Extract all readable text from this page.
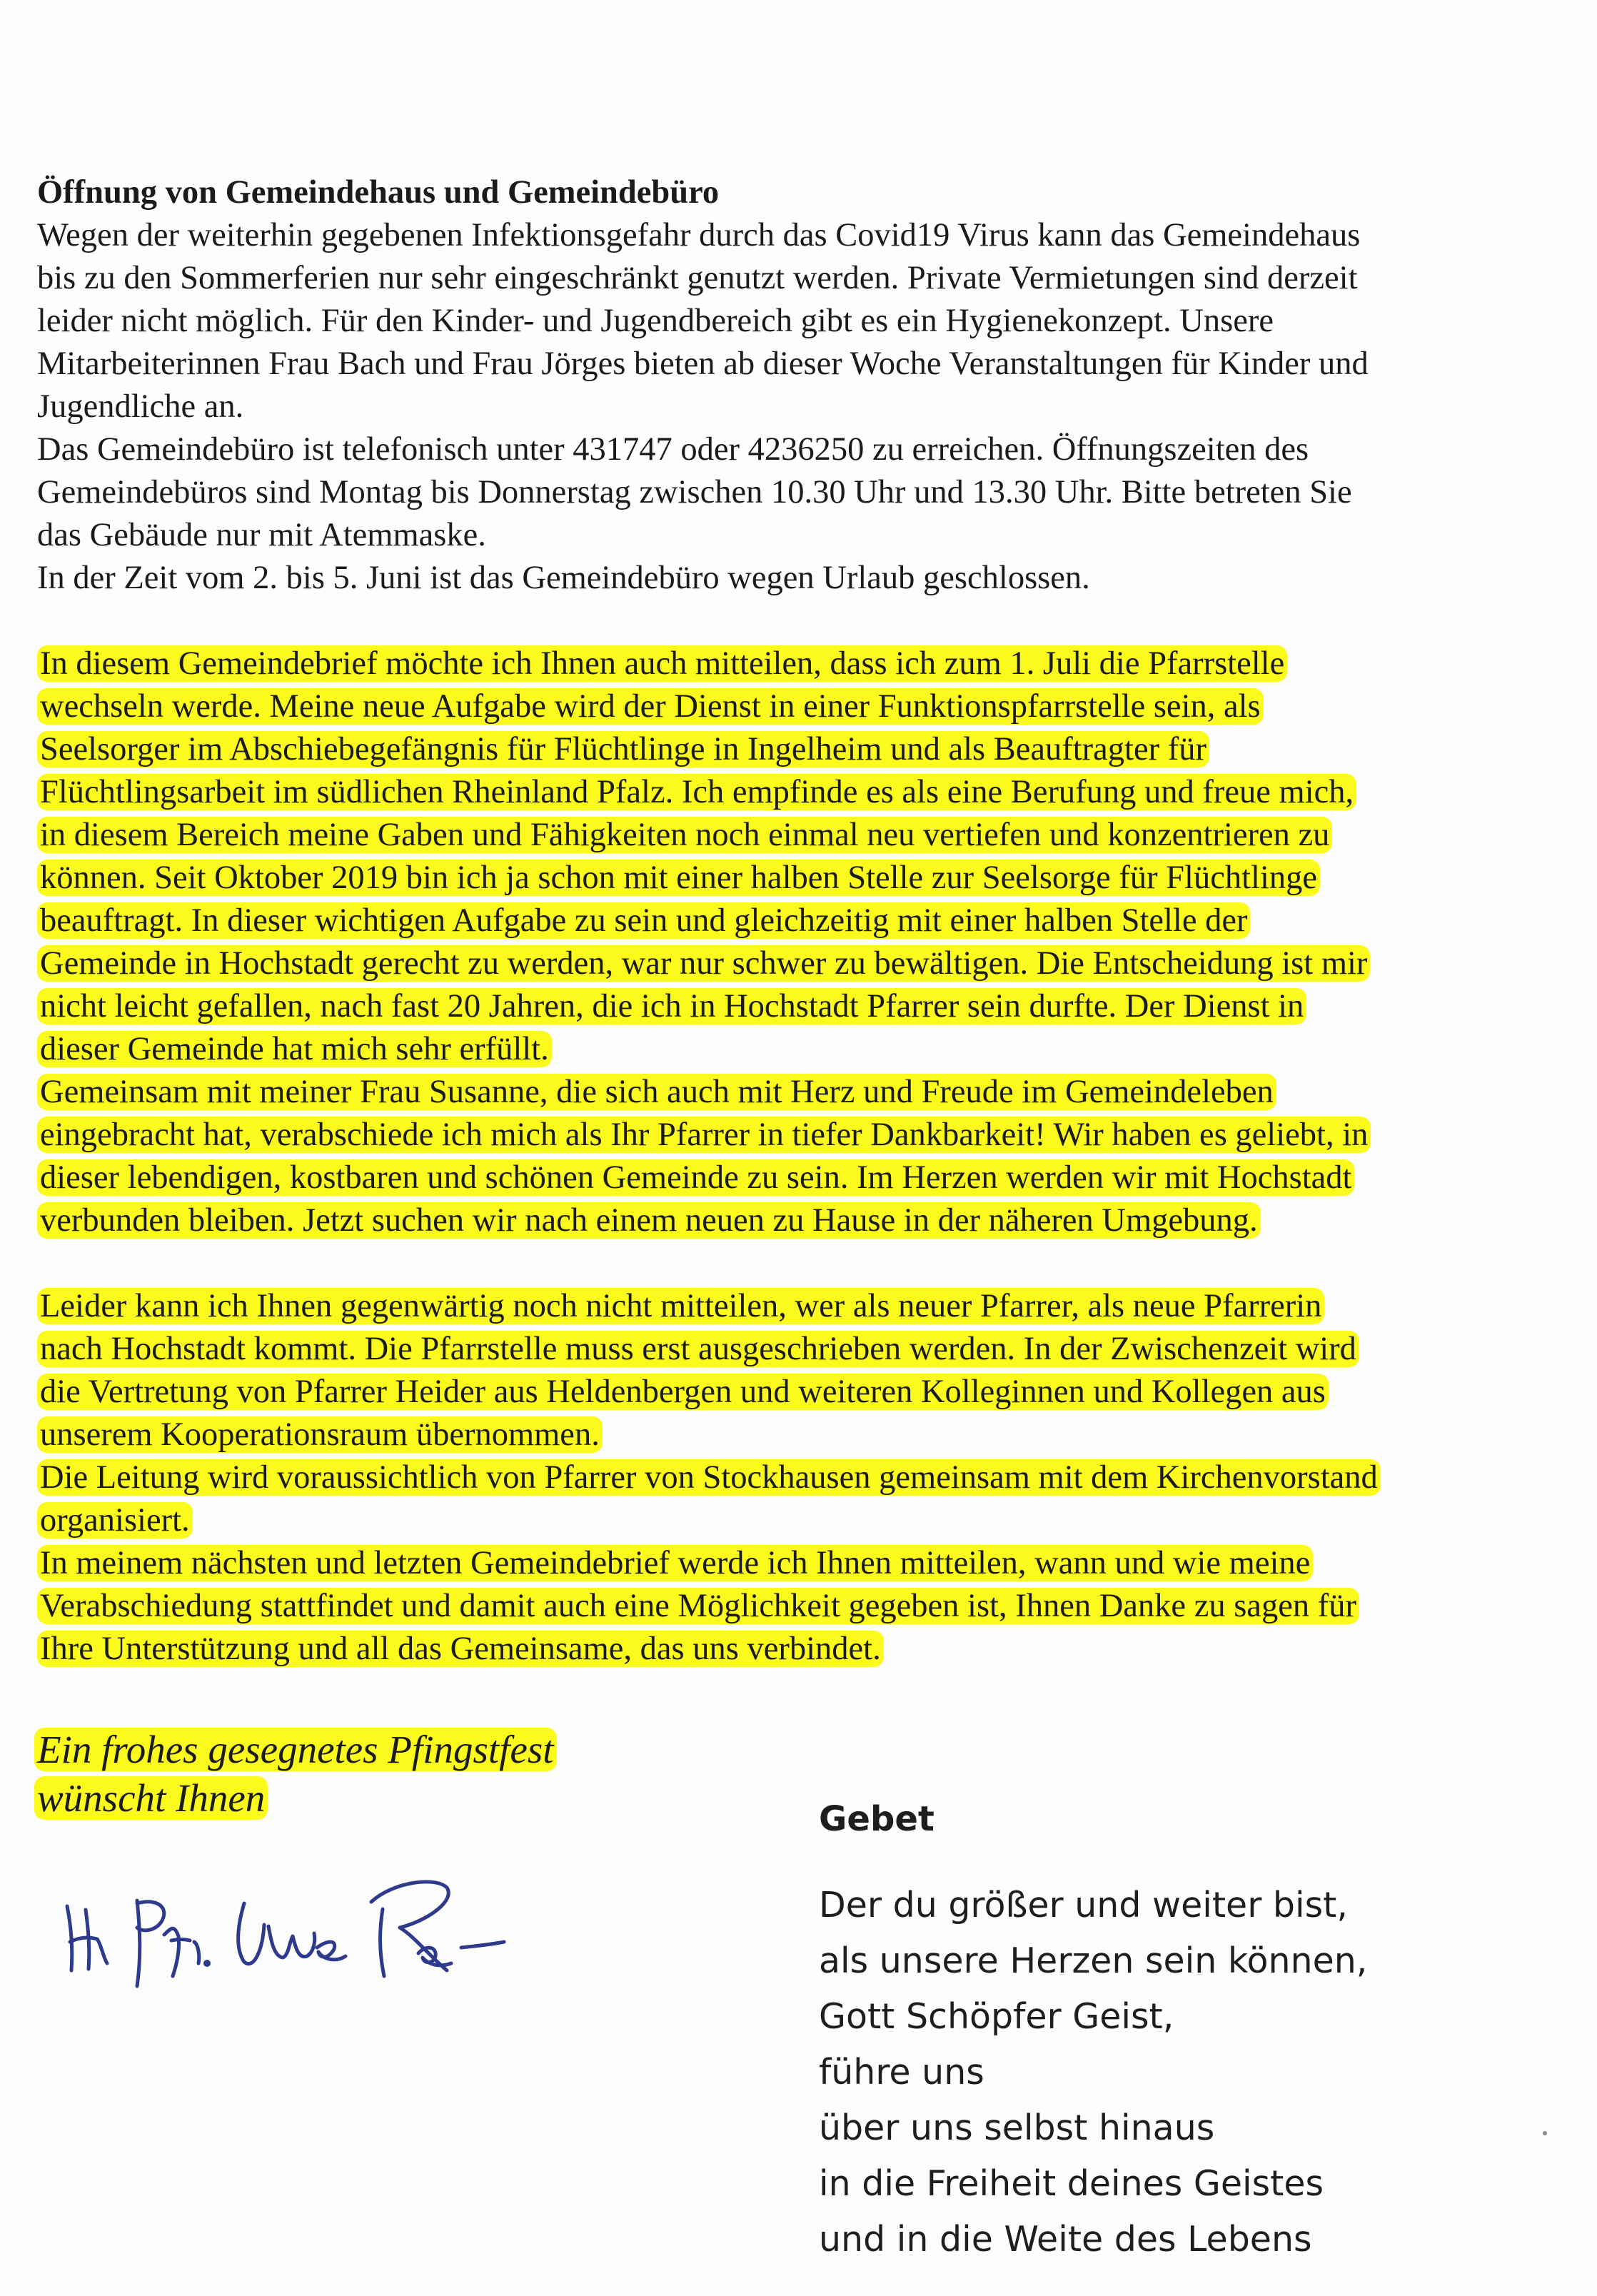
Öffnung von Gemeindehaus und Gemeindebüro
Wegen der weiterhin gegebenen Infektionsgefahr durch das Covid19 Virus kann das Gemeindehaus
bis zu den Sommerferien nur sehr eingeschränkt genutzt werden. Private Vermietungen sind derzeit
leider nicht möglich. Für den Kinder- und Jugendbereich gibt es ein Hygienekonzept. Unsere
Mitarbeiterinnen Frau Bach und Frau Jörges bieten ab dieser Woche Veranstaltungen für Kinder und
Jugendliche an.
Das Gemeindebüro ist telefonisch unter 431747 oder 4236250 zu erreichen. Öffnungszeiten des
Gemeindebüros sind Montag bis Donnerstag zwischen 10.30 Uhr und 13.30 Uhr. Bitte betreten Sie
das Gebäude nur mit Atemmaske.
In der Zeit vom 2. bis 5. Juni ist das Gemeindebüro wegen Urlaub geschlossen.
In diesem Gemeindebrief möchte ich Ihnen auch mitteilen, dass ich zum 1. Juli die Pfarrstelle
wechseln werde. Meine neue Aufgabe wird der Dienst in einer Funktionspfarrstelle sein, als
Seelsorger im Abschiebegefängnis für Flüchtlinge in Ingelheim und als Beauftragter für
Flüchtlingsarbeit im südlichen Rheinland Pfalz. Ich empfinde es als eine Berufung und freue mich,
in diesem Bereich meine Gaben und Fähigkeiten noch einmal neu vertiefen und konzentrieren zu
können. Seit Oktober 2019 bin ich ja schon mit einer halben Stelle zur Seelsorge für Flüchtlinge
beauftragt. In dieser wichtigen Aufgabe zu sein und gleichzeitig mit einer halben Stelle der
Gemeinde in Hochstadt gerecht zu werden, war nur schwer zu bewältigen. Die Entscheidung ist mir
nicht leicht gefallen, nach fast 20 Jahren, die ich in Hochstadt Pfarrer sein durfte. Der Dienst in
dieser Gemeinde hat mich sehr erfüllt.
Gemeinsam mit meiner Frau Susanne, die sich auch mit Herz und Freude im Gemeindeleben
eingebracht hat, verabschiede ich mich als Ihr Pfarrer in tiefer Dankbarkeit! Wir haben es geliebt, in
dieser lebendigen, kostbaren und schönen Gemeinde zu sein. Im Herzen werden wir mit Hochstadt
verbunden bleiben. Jetzt suchen wir nach einem neuen zu Hause in der näheren Umgebung.
Leider kann ich Ihnen gegenwärtig noch nicht mitteilen, wer als neuer Pfarrer, als neue Pfarrerin
nach Hochstadt kommt. Die Pfarrstelle muss erst ausgeschrieben werden. In der Zwischenzeit wird
die Vertretung von Pfarrer Heider aus Heldenbergen und weiteren Kolleginnen und Kollegen aus
unserem Kooperationsraum übernommen.
Die Leitung wird voraussichtlich von Pfarrer von Stockhausen gemeinsam mit dem Kirchenvorstand
organisiert.
In meinem nächsten und letzten Gemeindebrief werde ich Ihnen mitteilen, wann und wie meine
Verabschiedung stattfindet und damit auch eine Möglichkeit gegeben ist, Ihnen Danke zu sagen für
Ihre Unterstützung und all das Gemeinsame, das uns verbindet.
Ein frohes gesegnetes Pfingstfest
wünscht Ihnen	Gebet
Der du größer und weiter bist,
als unsere Herzen sein können,
Gott Schöpfer Geist,
führe uns
über uns selbst hinaus
in die Freiheit deines Geistes
und in die Weite des Lebens
